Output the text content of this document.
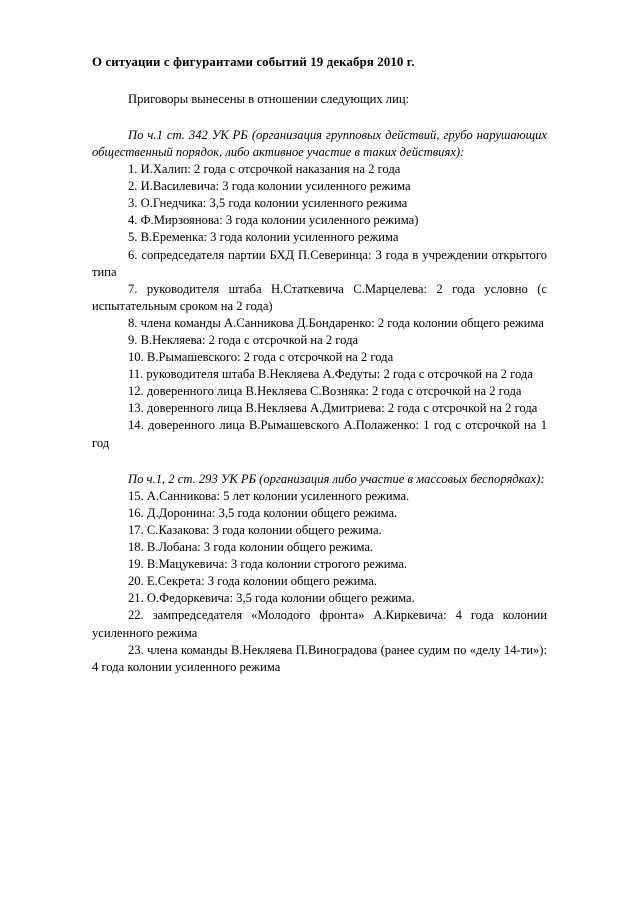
О ситуации с фигурантами событий 19 декабря 2010 г.

Приговоры вынесены в отношении следующих лиц:

По ч.1 ст. 342 УК РБ (организация групповых действий, грубо нарушающих общественный порядок, либо активное участие в таких действиях):

1. И.Халип: 2 года с отсрочкой наказания на 2 года

2. И.Василевича: 3 года колонии усиленного режима

3. О.Гнедчика: 3,5 года колонии усиленного режима

4. Ф.Мирзоянова: 3 года колонии усиленного режима)

5. В.Еременка: 3 года колонии усиленного режима

6. сопредседателя партии БХД П.Северинца: 3 года в учреждении открытого типа

7. руководителя штаба Н.Статкевича С.Марцелева: 2 года условно (с испытательным сроком на 2 года)

8. члена команды А.Санникова Д.Бондаренко: 2 года колонии общего режима

9. В.Некляева: 2 года с отсрочкой на 2 года

10. В.Рымашевского: 2 года с отсрочкой на 2 года

11. руководителя штаба В.Некляева А.Федуты: 2 года с отсрочкой на 2 года

12. доверенного лица В.Некляева С.Возняка: 2 года с отсрочкой на 2 года

13. доверенного лица В.Некляева А.Дмитриева: 2 года с отсрочкой на 2 года

14. доверенного лица В.Рымашевского А.Полаженко: 1 год с отсрочкой на 1 год

По ч.1, 2 ст. 293 УК РБ (организация либо участие в массовых беспорядках):

15. А.Санникова: 5 лет колонии усиленного режима.

16. Д.Доронина: 3,5 года колонии общего режима.

17. С.Казакова: 3 года колонии общего режима.

18. В.Лобана: 3 года колонии общего режима.

19. В.Мацукевича: 3 года колонии строгого режима.

20. Е.Секрета: 3 года колонии общего режима.

21. О.Федоркевича: 3,5 года колонии общего режима.

22. зампредседателя «Молодого фронта» А.Киркевича: 4 года колонии усиленного режима

23. члена команды В.Некляева П.Виноградова (ранее судим по «делу 14-ти»): 4 года колонии усиленного режима
